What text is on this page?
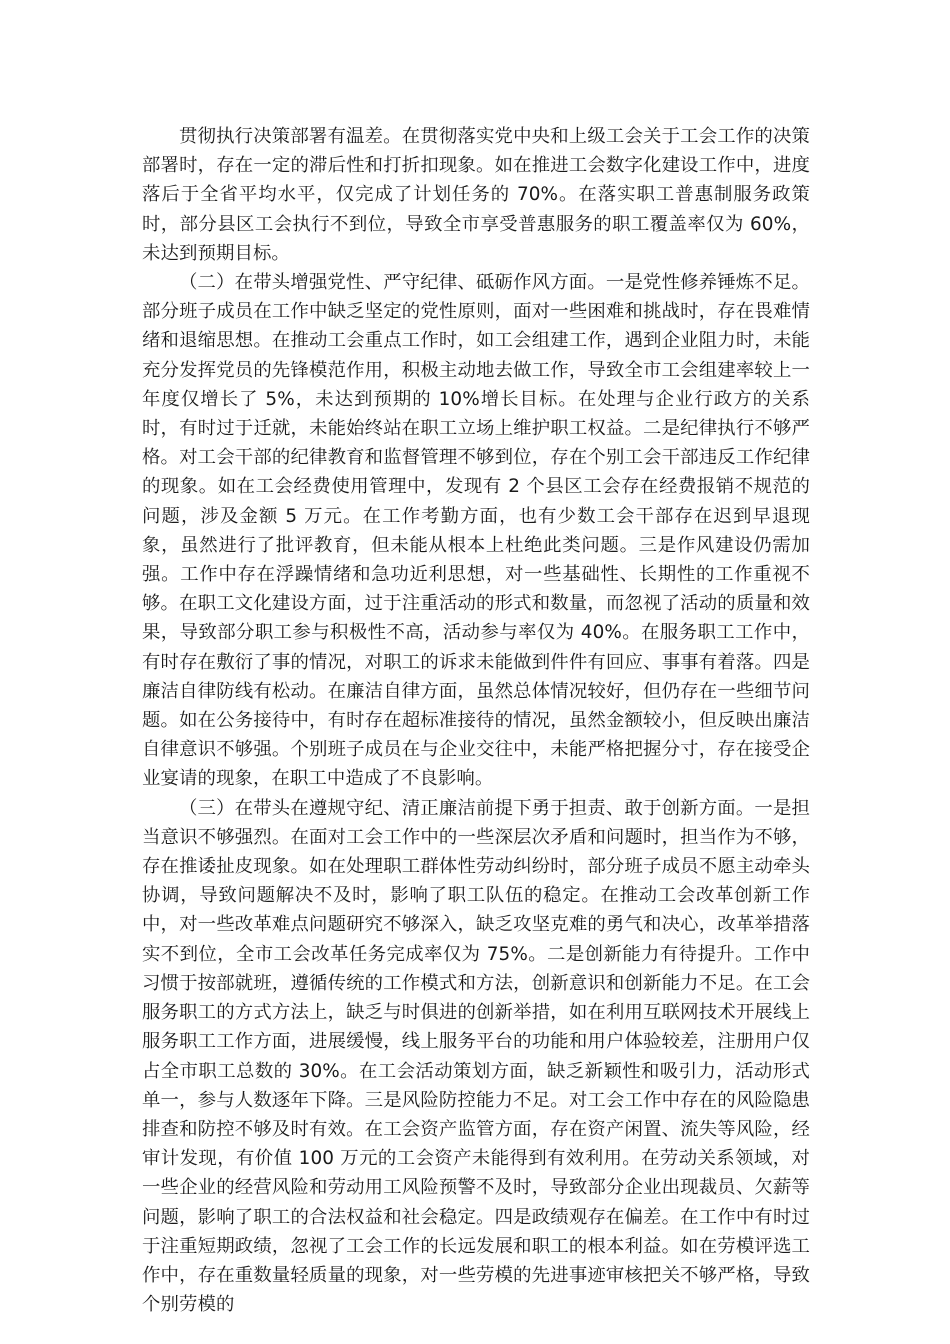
贯彻执行决策部署有温差。在贯彻落实党中央和上级工会关于工会工作的决策部署时，存在一定的滞后性和打折扣现象。如在推进工会数字化建设工作中，进度落后于全省平均水平，仅完成了计划任务的 70%。在落实职工普惠制服务政策时，部分县区工会执行不到位，导致全市享受普惠服务的职工覆盖率仅为 60%，未达到预期目标。

（二）在带头增强党性、严守纪律、砥砺作风方面。一是党性修养锤炼不足。部分班子成员在工作中缺乏坚定的党性原则，面对一些困难和挑战时，存在畏难情绪和退缩思想。在推动工会重点工作时，如工会组建工作，遇到企业阻力时，未能充分发挥党员的先锋模范作用，积极主动地去做工作，导致全市工会组建率较上一年度仅增长了 5%，未达到预期的 10%增长目标。在处理与企业行政方的关系时，有时过于迁就，未能始终站在职工立场上维护职工权益。二是纪律执行不够严格。对工会干部的纪律教育和监督管理不够到位，存在个别工会干部违反工作纪律的现象。如在工会经费使用管理中，发现有 2 个县区工会存在经费报销不规范的问题，涉及金额 5 万元。在工作考勤方面，也有少数工会干部存在迟到早退现象，虽然进行了批评教育，但未能从根本上杜绝此类问题。三是作风建设仍需加强。工作中存在浮躁情绪和急功近利思想，对一些基础性、长期性的工作重视不够。在职工文化建设方面，过于注重活动的形式和数量，而忽视了活动的质量和效果，导致部分职工参与积极性不高，活动参与率仅为 40%。在服务职工工作中，有时存在敷衍了事的情况，对职工的诉求未能做到件件有回应、事事有着落。四是廉洁自律防线有松动。在廉洁自律方面，虽然总体情况较好，但仍存在一些细节问题。如在公务接待中，有时存在超标准接待的情况，虽然金额较小，但反映出廉洁自律意识不够强。个别班子成员在与企业交往中，未能严格把握分寸，存在接受企业宴请的现象，在职工中造成了不良影响。

（三）在带头在遵规守纪、清正廉洁前提下勇于担责、敢于创新方面。一是担当意识不够强烈。在面对工会工作中的一些深层次矛盾和问题时，担当作为不够，存在推诿扯皮现象。如在处理职工群体性劳动纠纷时，部分班子成员不愿主动牵头协调，导致问题解决不及时，影响了职工队伍的稳定。在推动工会改革创新工作中，对一些改革难点问题研究不够深入，缺乏攻坚克难的勇气和决心，改革举措落实不到位，全市工会改革任务完成率仅为 75%。二是创新能力有待提升。工作中习惯于按部就班，遵循传统的工作模式和方法，创新意识和创新能力不足。在工会服务职工的方式方法上，缺乏与时俱进的创新举措，如在利用互联网技术开展线上服务职工工作方面，进展缓慢，线上服务平台的功能和用户体验较差，注册用户仅占全市职工总数的 30%。在工会活动策划方面，缺乏新颖性和吸引力，活动形式单一，参与人数逐年下降。三是风险防控能力不足。对工会工作中存在的风险隐患排查和防控不够及时有效。在工会资产监管方面，存在资产闲置、流失等风险，经审计发现，有价值 100 万元的工会资产未能得到有效利用。在劳动关系领域，对一些企业的经营风险和劳动用工风险预警不及时，导致部分企业出现裁员、欠薪等问题，影响了职工的合法权益和社会稳定。四是政绩观存在偏差。在工作中有时过于注重短期政绩，忽视了工会工作的长远发展和职工的根本利益。如在劳模评选工作中，存在重数量轻质量的现象，对一些劳模的先进事迹审核把关不够严格，导致个别劳模的
